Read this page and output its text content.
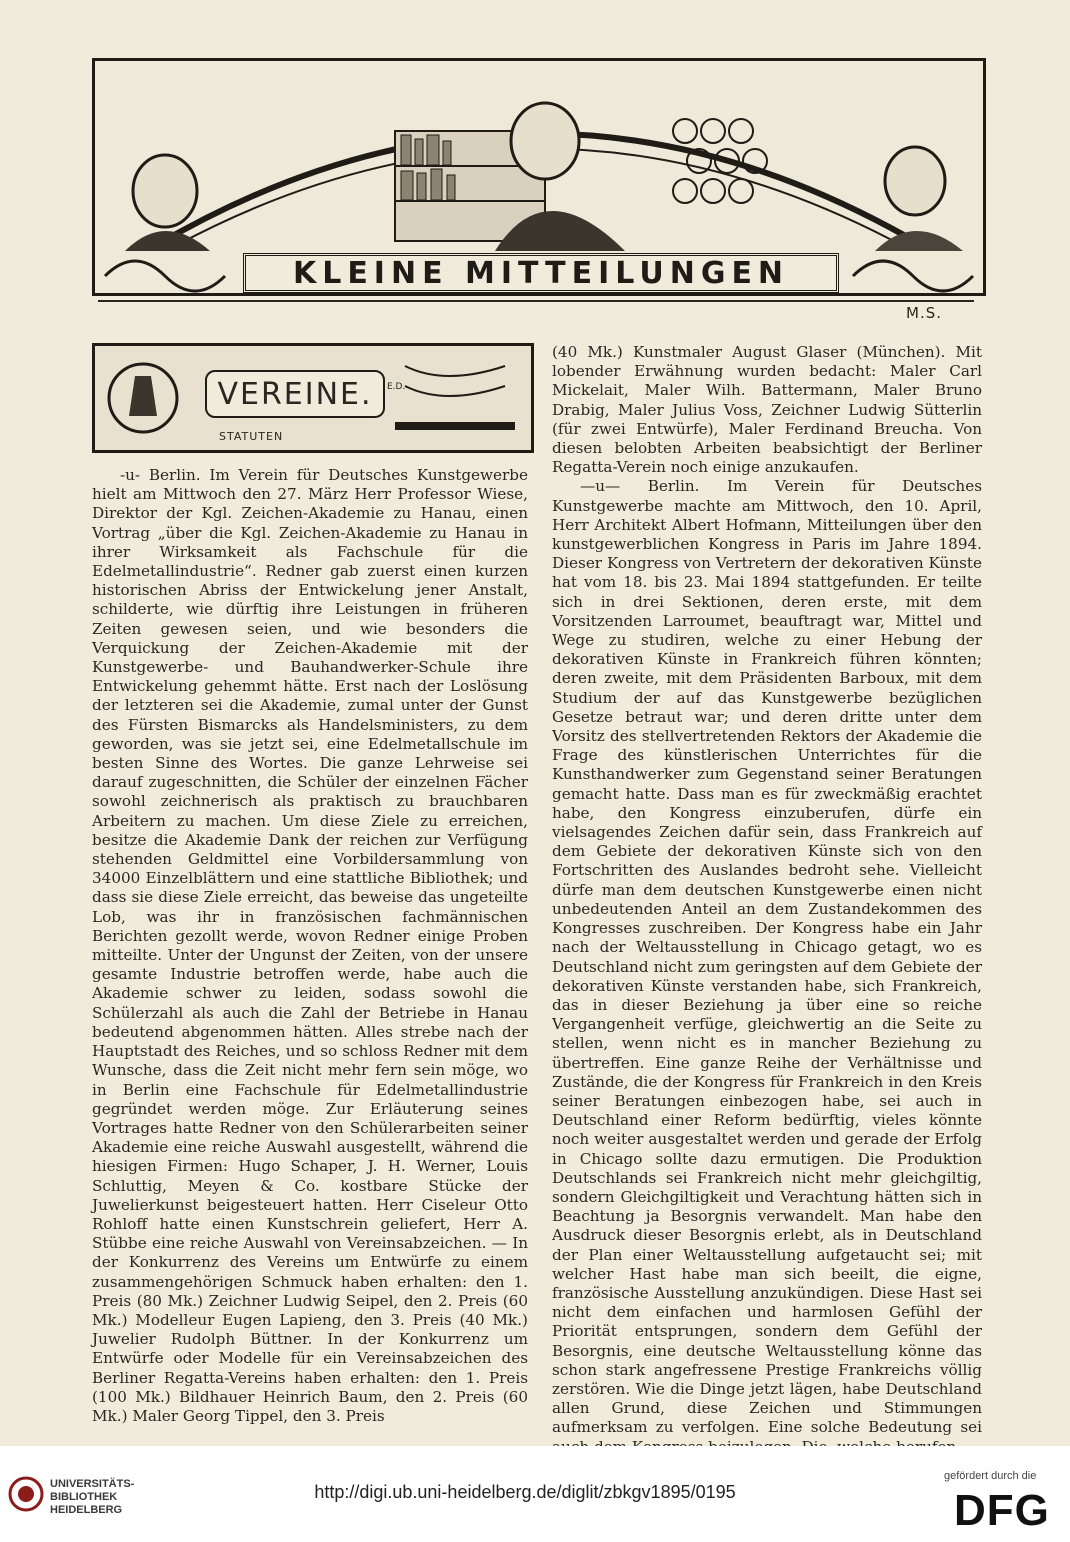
KLEINE MITTEILUNGEN
M.S.
VEREINE.	E.D.
STATUTEN

-u- Berlin. Im Verein für Deutsches Kunstgewerbe hielt am Mittwoch den 27. März Herr Professor Wiese, Direktor der Kgl. Zeichen-Akademie zu Hanau, einen Vortrag „über die Kgl. Zeichen-Akademie zu Hanau in ihrer Wirksamkeit als Fachschule für die Edelmetallindustrie“. Redner gab zuerst einen kurzen historischen Abriss der Entwickelung jener Anstalt, schilderte, wie dürftig ihre Leistungen in früheren Zeiten gewesen seien, und wie besonders die Verquickung der Zeichen-Akademie mit der Kunstgewerbe- und Bauhandwerker-Schule ihre Entwickelung gehemmt hätte. Erst nach der Loslösung der letzteren sei die Akademie, zumal unter der Gunst des Fürsten Bismarcks als Handelsministers, zu dem geworden, was sie jetzt sei, eine Edelmetallschule im besten Sinne des Wortes. Die ganze Lehrweise sei darauf zugeschnitten, die Schüler der einzelnen Fächer sowohl zeichnerisch als praktisch zu brauchbaren Arbeitern zu machen. Um diese Ziele zu erreichen, besitze die Akademie Dank der reichen zur Verfügung stehenden Geldmittel eine Vorbildersammlung von 34000 Einzelblättern und eine stattliche Bibliothek; und dass sie diese Ziele erreicht, das beweise das ungeteilte Lob, was ihr in französischen fachmännischen Berichten gezollt werde, wovon Redner einige Proben mitteilte. Unter der Ungunst der Zeiten, von der unsere gesamte Industrie betroffen werde, habe auch die Akademie schwer zu leiden, sodass sowohl die Schülerzahl als auch die Zahl der Betriebe in Hanau bedeutend abgenommen hätten. Alles strebe nach der Hauptstadt des Reiches, und so schloss Redner mit dem Wunsche, dass die Zeit nicht mehr fern sein möge, wo in Berlin eine Fachschule für Edelmetallindustrie gegründet werden möge. Zur Erläuterung seines Vortrages hatte Redner von den Schülerarbeiten seiner Akademie eine reiche Auswahl ausgestellt, während die hiesigen Firmen: Hugo Schaper, J. H. Werner, Louis Schluttig, Meyen & Co. kostbare Stücke der Juwelierkunst beigesteuert hatten. Herr Ciseleur Otto Rohloff hatte einen Kunstschrein geliefert, Herr A. Stübbe eine reiche Auswahl von Vereinsabzeichen. — In der Konkurrenz des Vereins um Entwürfe zu einem zusammengehörigen Schmuck haben erhalten: den 1. Preis (80 Mk.) Zeichner Ludwig Seipel, den 2. Preis (60 Mk.) Modelleur Eugen Lapieng, den 3. Preis (40 Mk.) Juwelier Rudolph Büttner. In der Konkurrenz um Entwürfe oder Modelle für ein Vereinsabzeichen des Berliner Regatta-Vereins haben erhalten: den 1. Preis (100 Mk.) Bildhauer Heinrich Baum, den 2. Preis (60 Mk.) Maler Georg Tippel, den 3. Preis

(40 Mk.) Kunstmaler August Glaser (München). Mit lobender Erwähnung wurden bedacht: Maler Carl Mickelait, Maler Wilh. Battermann, Maler Bruno Drabig, Maler Julius Voss, Zeichner Ludwig Sütterlin (für zwei Entwürfe), Maler Ferdinand Breucha. Von diesen belobten Arbeiten beabsichtigt der Berliner Regatta-Verein noch einige anzukaufen.

—u— Berlin. Im Verein für Deutsches Kunstgewerbe machte am Mittwoch, den 10. April, Herr Architekt Albert Hofmann, Mitteilungen über den kunstgewerblichen Kongress in Paris im Jahre 1894. Dieser Kongress von Vertretern der dekorativen Künste hat vom 18. bis 23. Mai 1894 stattgefunden. Er teilte sich in drei Sektionen, deren erste, mit dem Vorsitzenden Larroumet, beauftragt war, Mittel und Wege zu studiren, welche zu einer Hebung der dekorativen Künste in Frankreich führen könnten; deren zweite, mit dem Präsidenten Barboux, mit dem Studium der auf das Kunstgewerbe bezüglichen Gesetze betraut war; und deren dritte unter dem Vorsitz des stellvertretenden Rektors der Akademie die Frage des künstlerischen Unterrichtes für die Kunsthandwerker zum Gegenstand seiner Beratungen gemacht hatte. Dass man es für zweckmäßig erachtet habe, den Kongress einzuberufen, dürfe ein vielsagendes Zeichen dafür sein, dass Frankreich auf dem Gebiete der dekorativen Künste sich von den Fortschritten des Auslandes bedroht sehe. Vielleicht dürfe man dem deutschen Kunstgewerbe einen nicht unbedeutenden Anteil an dem Zustandekommen des Kongresses zuschreiben. Der Kongress habe ein Jahr nach der Weltausstellung in Chicago getagt, wo es Deutschland nicht zum geringsten auf dem Gebiete der dekorativen Künste verstanden habe, sich Frankreich, das in dieser Beziehung ja über eine so reiche Vergangenheit verfüge, gleichwertig an die Seite zu stellen, wenn nicht es in mancher Beziehung zu übertreffen. Eine ganze Reihe der Verhältnisse und Zustände, die der Kongress für Frankreich in den Kreis seiner Beratungen einbezogen habe, sei auch in Deutschland einer Reform bedürftig, vieles könnte noch weiter ausgestaltet werden und gerade der Erfolg in Chicago sollte dazu ermutigen. Die Produktion Deutschlands sei Frankreich nicht mehr gleichgiltig, sondern Gleichgiltigkeit und Verachtung hätten sich in Beachtung ja Besorgnis verwandelt. Man habe den Ausdruck dieser Besorgnis erlebt, als in Deutschland der Plan einer Weltausstellung aufgetaucht sei; mit welcher Hast habe man sich beeilt, die eigne, französische Ausstellung anzukündigen. Diese Hast sei nicht dem einfachen und harmlosen Gefühl der Priorität entsprungen, sondern dem Gefühl der Besorgnis, eine deutsche Weltausstellung könne das schon stark angefressene Prestige Frankreichs völlig zerstören. Wie die Dinge jetzt lägen, habe Deutschland allen Grund, diese Zeichen und Stimmungen aufmerksam zu verfolgen. Eine solche Bedeutung sei

UNIVERSITÄTS-
BIBLIOTHEK
HEIDELBERG
http://digi.ub.uni-heidelberg.de/diglit/zbkgv1895/0195
gefördert durch die
DFG
